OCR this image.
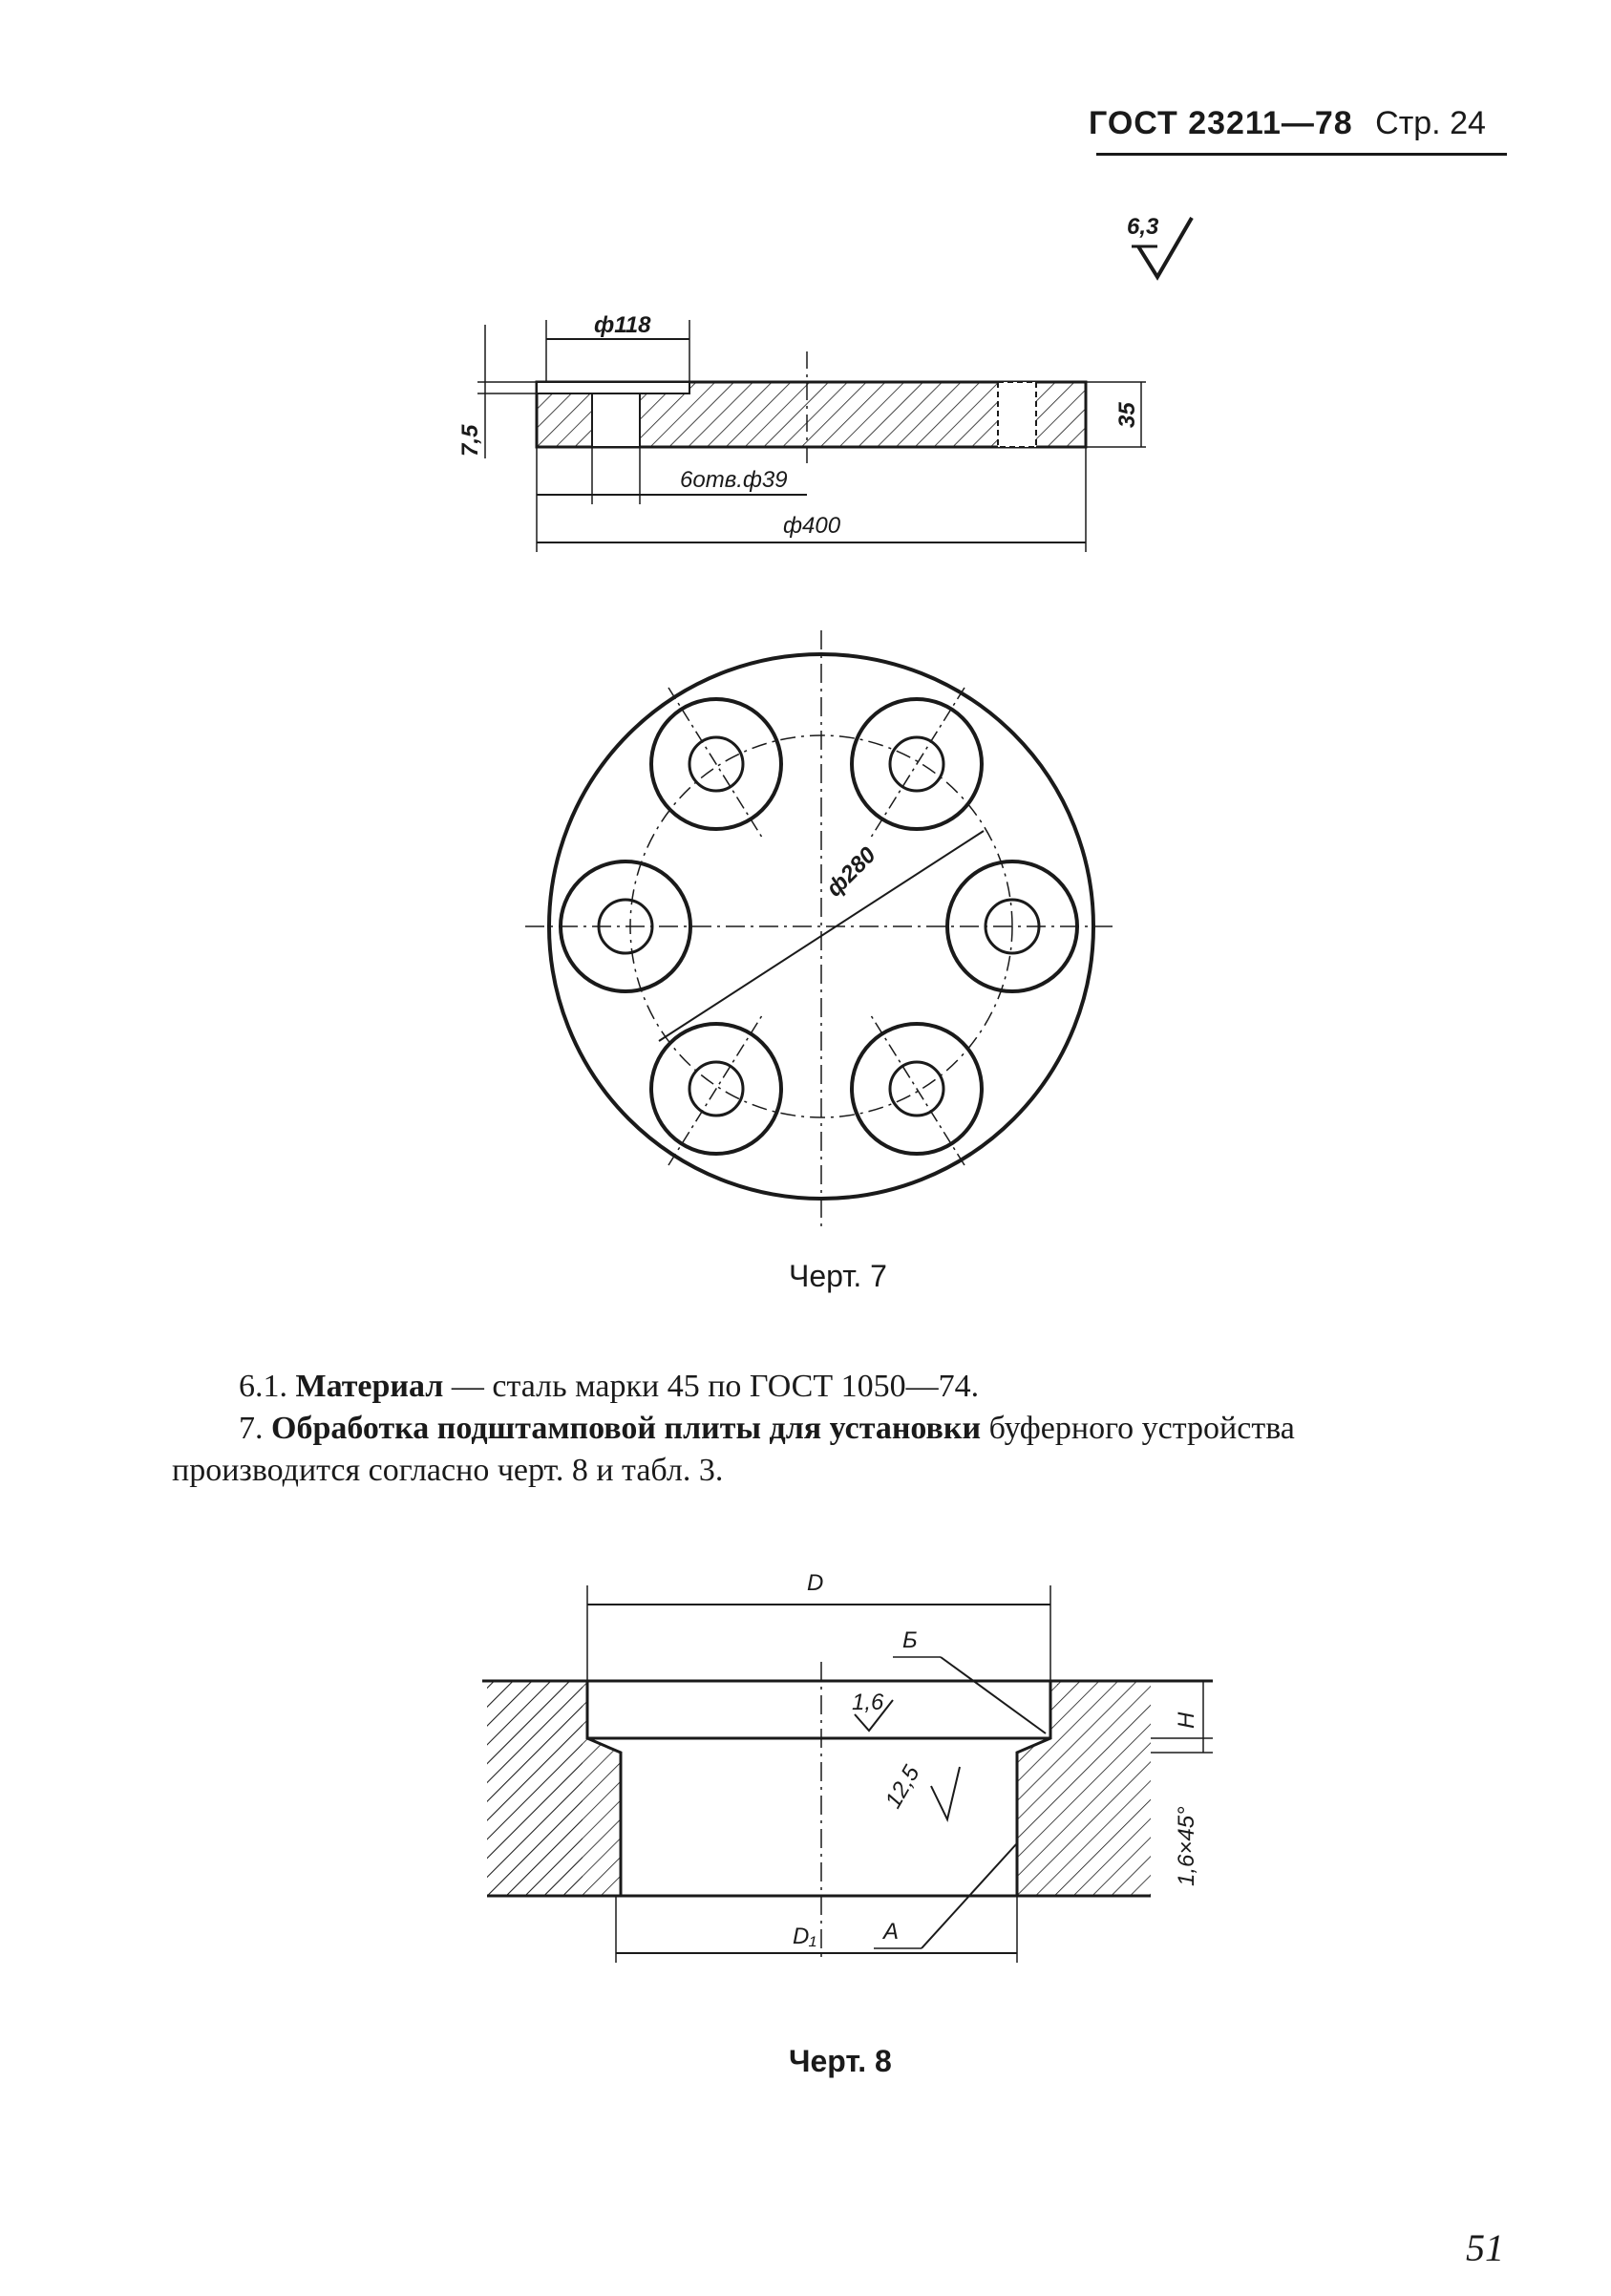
ГОСТ 23211—78 Стр. 24
6,3
ф118
7,5
35
6отв.ф39
ф400
ф280
D
D₁
Б
A
H
1,6×45°
1,6
12,5
Черт. 7
Черт. 8
6.1. Материал — сталь марки 45 по ГОСТ 1050—74.
7. Обработка подштамповой плиты для установки буферного устройства
производится согласно черт. 8 и табл. 3.
51
